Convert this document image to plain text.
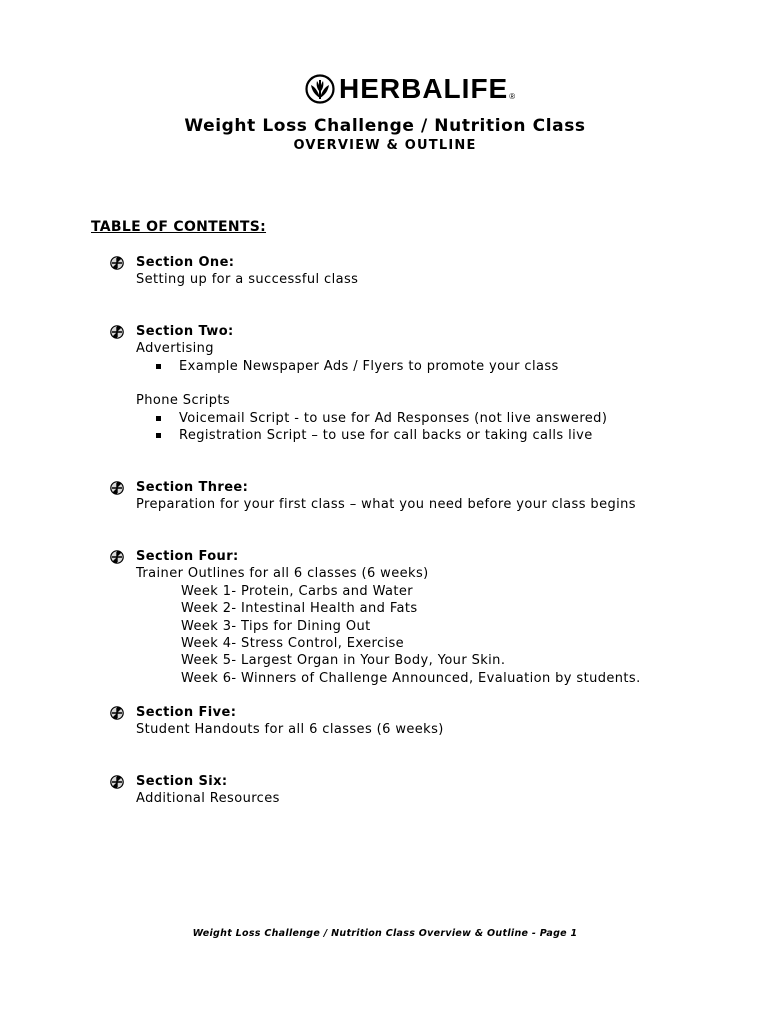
HERBALIFE ®
Weight Loss Challenge / Nutrition Class
OVERVIEW & OUTLINE
TABLE OF CONTENTS:
Section One:
Setting up for a successful class
Section Two:
Advertising
Example Newspaper Ads / Flyers to promote your class
Phone Scripts
Voicemail Script - to use for Ad Responses (not live answered)
Registration Script – to use for call backs or taking calls live
Section Three:
Preparation for your first class – what you need before your class begins
Section Four:
Trainer Outlines for all 6 classes (6 weeks)
Week 1- Protein, Carbs and Water
Week 2- Intestinal Health and Fats
Week 3- Tips for Dining Out
Week 4- Stress Control, Exercise
Week 5- Largest Organ in Your Body, Your Skin.
Week 6- Winners of Challenge Announced, Evaluation by students.
Section Five:
Student Handouts for all 6 classes (6 weeks)
Section Six:
Additional Resources
Weight Loss Challenge / Nutrition Class Overview & Outline - Page 1
